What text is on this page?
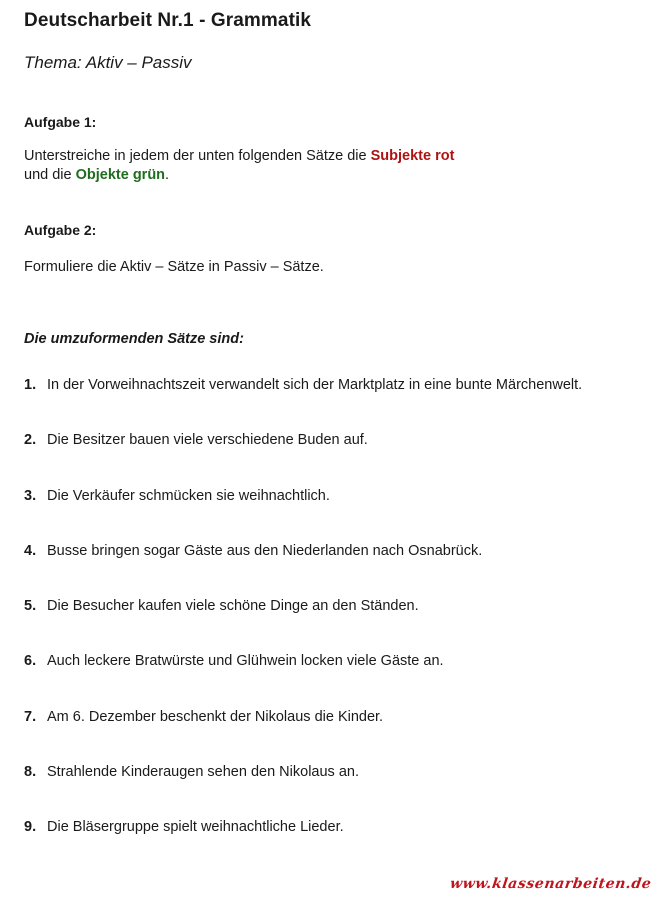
Deutscharbeit Nr.1 - Grammatik

Thema: Aktiv – Passiv

Aufgabe 1:

Unterstreiche in jedem der unten folgenden Sätze die Subjekte rot
und die Objekte grün.

Aufgabe 2:

Formuliere die Aktiv – Sätze in Passiv – Sätze.

Die umzuformenden Sätze sind:
1. In der Vorweihnachtszeit verwandelt sich der Marktplatz in eine bunte Märchenwelt.
2. Die Besitzer bauen viele verschiedene Buden auf.
3. Die Verkäufer schmücken sie weihnachtlich.
4. Busse bringen sogar Gäste aus den Niederlanden nach Osnabrück.
5. Die Besucher kaufen viele schöne Dinge an den Ständen.
6. Auch leckere Bratwürste und Glühwein locken viele Gäste an.
7. Am 6. Dezember beschenkt der Nikolaus die Kinder.
8. Strahlende Kinderaugen sehen den Nikolaus an.
9. Die Bläsergruppe spielt weihnachtliche Lieder.
www.klassenarbeiten.de
